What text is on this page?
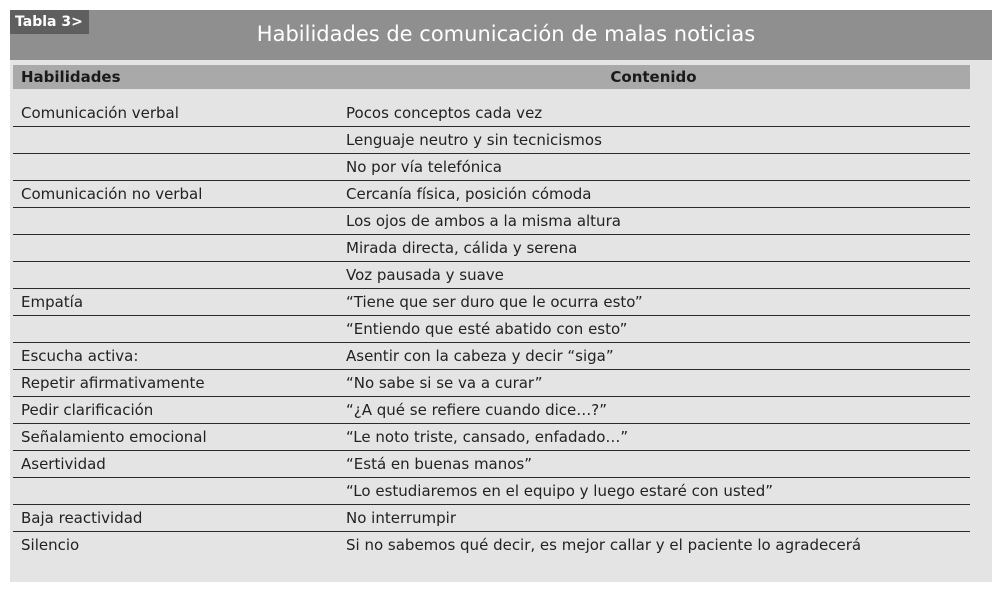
Habilidades de comunicación de malas noticias
Tabla 3>
Habilidades	Contenido

Comunicación verbal	Pocos conceptos cada vez
	Lenguaje neutro y sin tecnicismos
	No por vía telefónica
Comunicación no verbal	Cercanía física, posición cómoda
	Los ojos de ambos a la misma altura
	Mirada directa, cálida y serena
	Voz pausada y suave
Empatía	“Tiene que ser duro que le ocurra esto”
	“Entiendo que esté abatido con esto”
Escucha activa:	Asentir con la cabeza y decir “siga”
Repetir afirmativamente	“No sabe si se va a curar”
Pedir clarificación	“¿A qué se refiere cuando dice…?”
Señalamiento emocional	“Le noto triste, cansado, enfadado…”
Asertividad	“Está en buenas manos”
	“Lo estudiaremos en el equipo y luego estaré con usted”
Baja reactividad	No interrumpir
Silencio	Si no sabemos qué decir, es mejor callar y el paciente lo agradecerá
